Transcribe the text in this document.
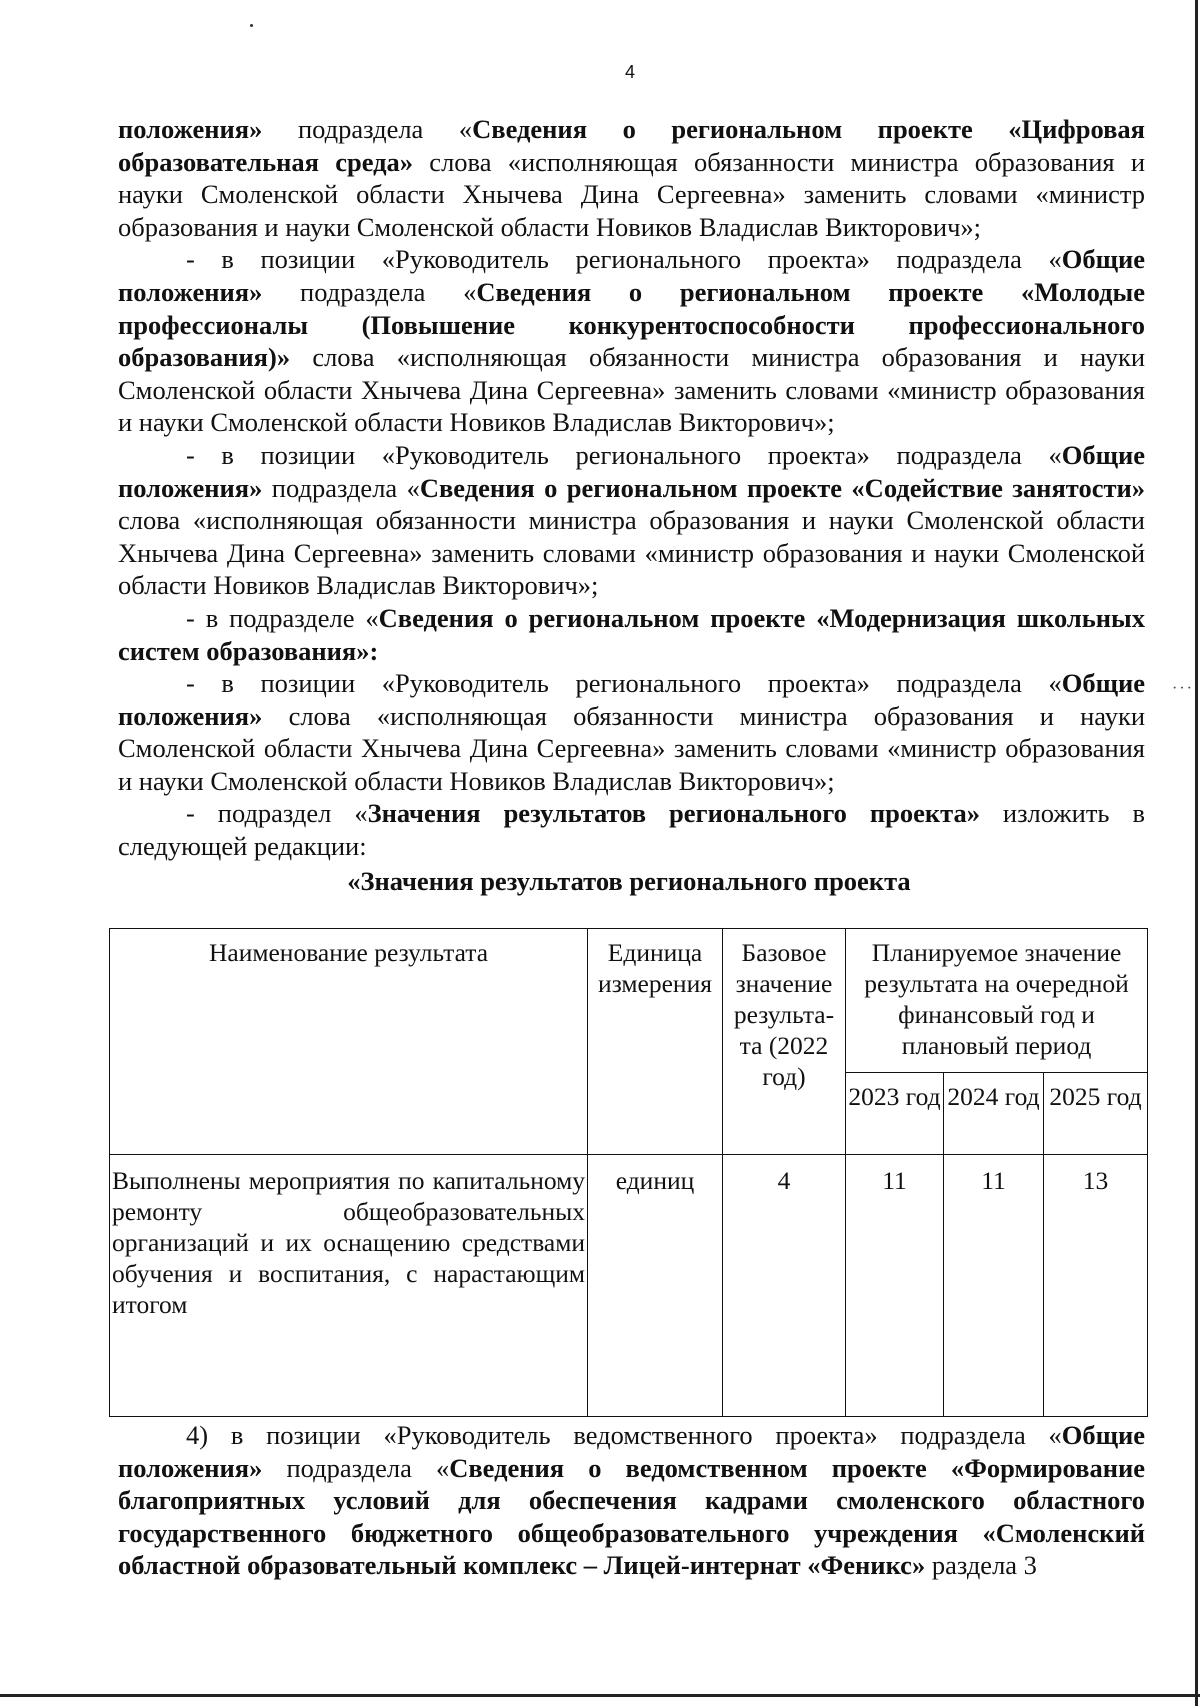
4

положения» подраздела «Сведения о региональном проекте «Цифровая образовательная среда» слова «исполняющая обязанности министра образования и науки Смоленской области Хнычева Дина Сергеевна» заменить словами «министр образования и науки Смоленской области Новиков Владислав Викторович»;

- в позиции «Руководитель регионального проекта» подраздела «Общие положения» подраздела «Сведения о региональном проекте «Молодые профессионалы (Повышение конкурентоспособности профессионального образования)» слова «исполняющая обязанности министра образования и науки Смоленской области Хнычева Дина Сергеевна» заменить словами «министр образования и науки Смоленской области Новиков Владислав Викторович»;

- в позиции «Руководитель регионального проекта» подраздела «Общие положения» подраздела «Сведения о региональном проекте «Содействие занятости» слова «исполняющая обязанности министра образования и науки Смоленской области Хнычева Дина Сергеевна» заменить словами «министр образования и науки Смоленской области Новиков Владислав Викторович»;

- в подразделе «Сведения о региональном проекте «Модернизация школьных систем образования»:

- в позиции «Руководитель регионального проекта» подраздела «Общие положения» слова «исполняющая обязанности министра образования и науки Смоленской области Хнычева Дина Сергеевна» заменить словами «министр образования и науки Смоленской области Новиков Владислав Викторович»;

- подраздел «Значения результатов регионального проекта» изложить в следующей редакции:

«Значения результатов регионального проекта

Наименование результата	Единица измерения	Базовое значение результа-та (2022 год)	Планируемое значение результата на очередной финансовый год и плановый период		
			2023 год	2024 год	2025 год
Выполнены мероприятия по капитальному ремонту общеобразовательных организаций и их оснащению средствами обучения и воспитания, с нарастающим итогом	единиц	4	11	11	13

4) в позиции «Руководитель ведомственного проекта» подраздела «Общие положения» подраздела «Сведения о ведомственном проекте «Формирование благоприятных условий для обеспечения кадрами смоленского областного государственного бюджетного общеобразовательного учреждения «Смоленский областной образовательный комплекс – Лицей-интернат «Феникс» раздела 3

···
